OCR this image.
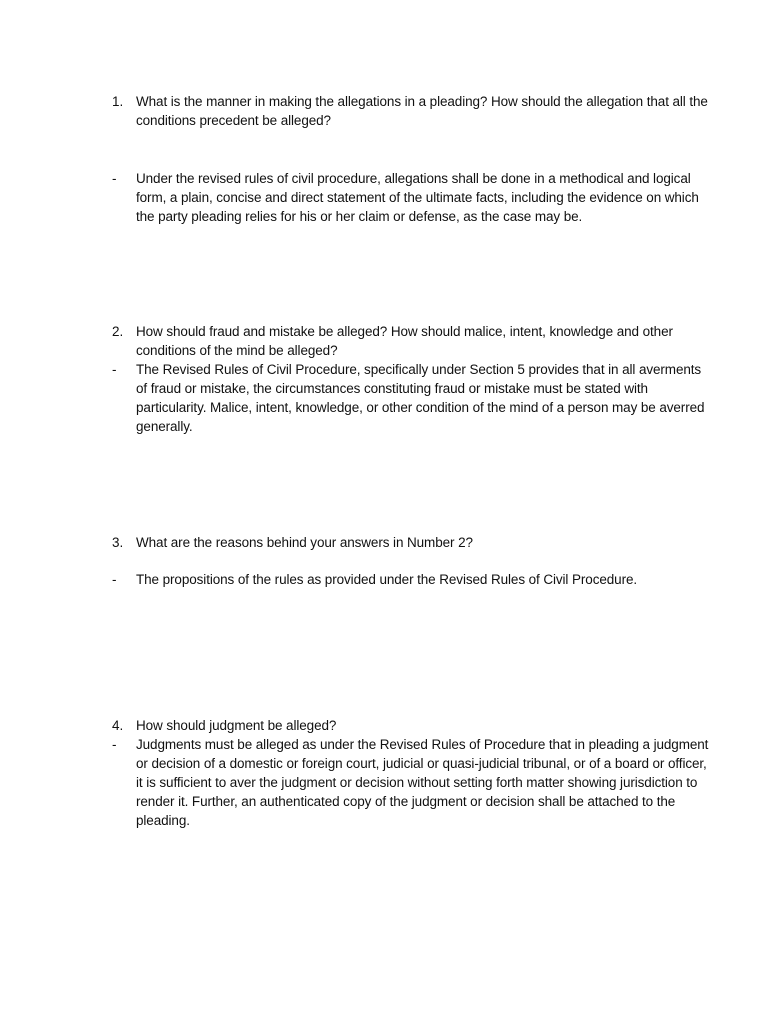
1. What is the manner in making the allegations in a pleading? How should the allegation that all the conditions precedent be alleged?
- Under the revised rules of civil procedure, allegations shall be done in a methodical and logical form, a plain, concise and direct statement of the ultimate facts, including the evidence on which the party pleading relies for his or her claim or defense, as the case may be.
2. How should fraud and mistake be alleged? How should malice, intent, knowledge and other conditions of the mind be alleged?
- The Revised Rules of Civil Procedure, specifically under Section 5 provides that in all averments of fraud or mistake, the circumstances constituting fraud or mistake must be stated with particularity. Malice, intent, knowledge, or other condition of the mind of a person may be averred generally.
3. What are the reasons behind your answers in Number 2?
- The propositions of the rules as provided under the Revised Rules of Civil Procedure.
4. How should judgment be alleged?
- Judgments must be alleged as under the Revised Rules of Procedure that in pleading a judgment or decision of a domestic or foreign court, judicial or quasi-judicial tribunal, or of a board or officer, it is sufficient to aver the judgment or decision without setting forth matter showing jurisdiction to render it. Further, an authenticated copy of the judgment or decision shall be attached to the pleading.
